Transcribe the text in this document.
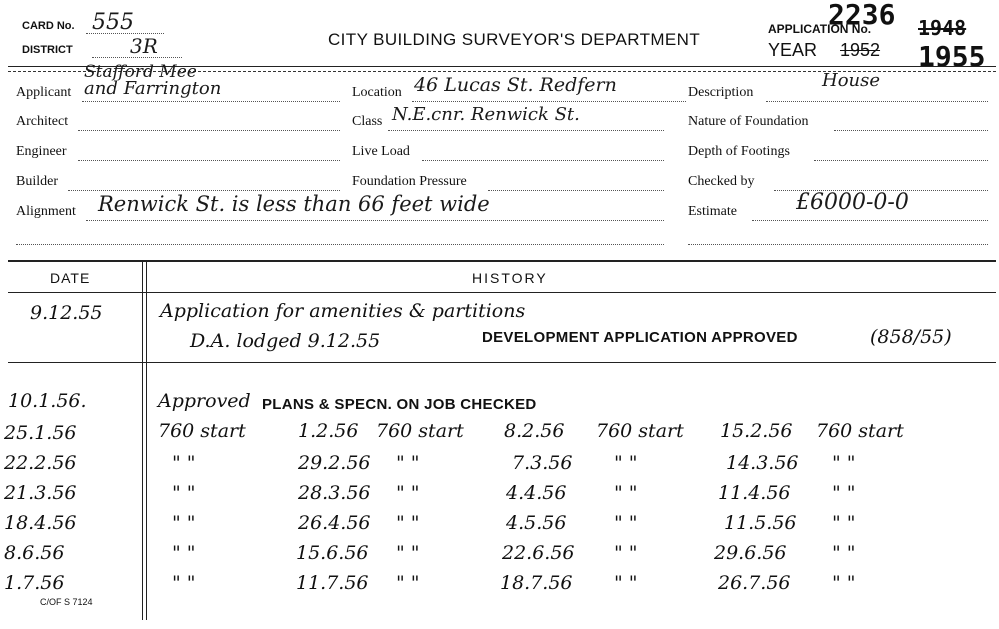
CARD No. 555
DISTRICT	3R	CITY BUILDING SURVEYOR'S DEPARTMENT
APPLICATION No.
2236 1948
YEAR 1952 1955
Stafford Mee
Applicant and Farrington
Architect
Engineer
Builder
Alignment Renwick St. is less than 66 feet wide
Location 46 Lucas St. Redfern
Class N.E.cnr. Renwick St.
Live Load
Foundation Pressure
Description
House
Nature of Foundation
Depth of Footings
Checked by
Estimate	£6000-0-0
DATE	HISTORY
9.12.55	Application for amenities & partitions
D.A. lodged 9.12.55	DEVELOPMENT APPLICATION APPROVED	(858/55)
10.1.56.	Approved PLANS & SPECN. ON JOB CHECKED
25.1.56	760 start	1.2.56 760 start 8.2.56 760 start 15.2.56 760 start
22.2.56	" "	29.2.56 " "	7.3.56 " "	14.3.56 " "
21.3.56	" "	28.3.56 " "	4.4.56	" "	11.4.56 " "
18.4.56	" "	26.4.56 " "	4.5.56	" "	11.5.56 " "
8.6.56	" "	15.6.56 " "	22.6.56 " "	29.6.56 " "
1.7.56	" "	11.7.56 " "	18.7.56 " "	26.7.56 " "
C/OF S 7124
